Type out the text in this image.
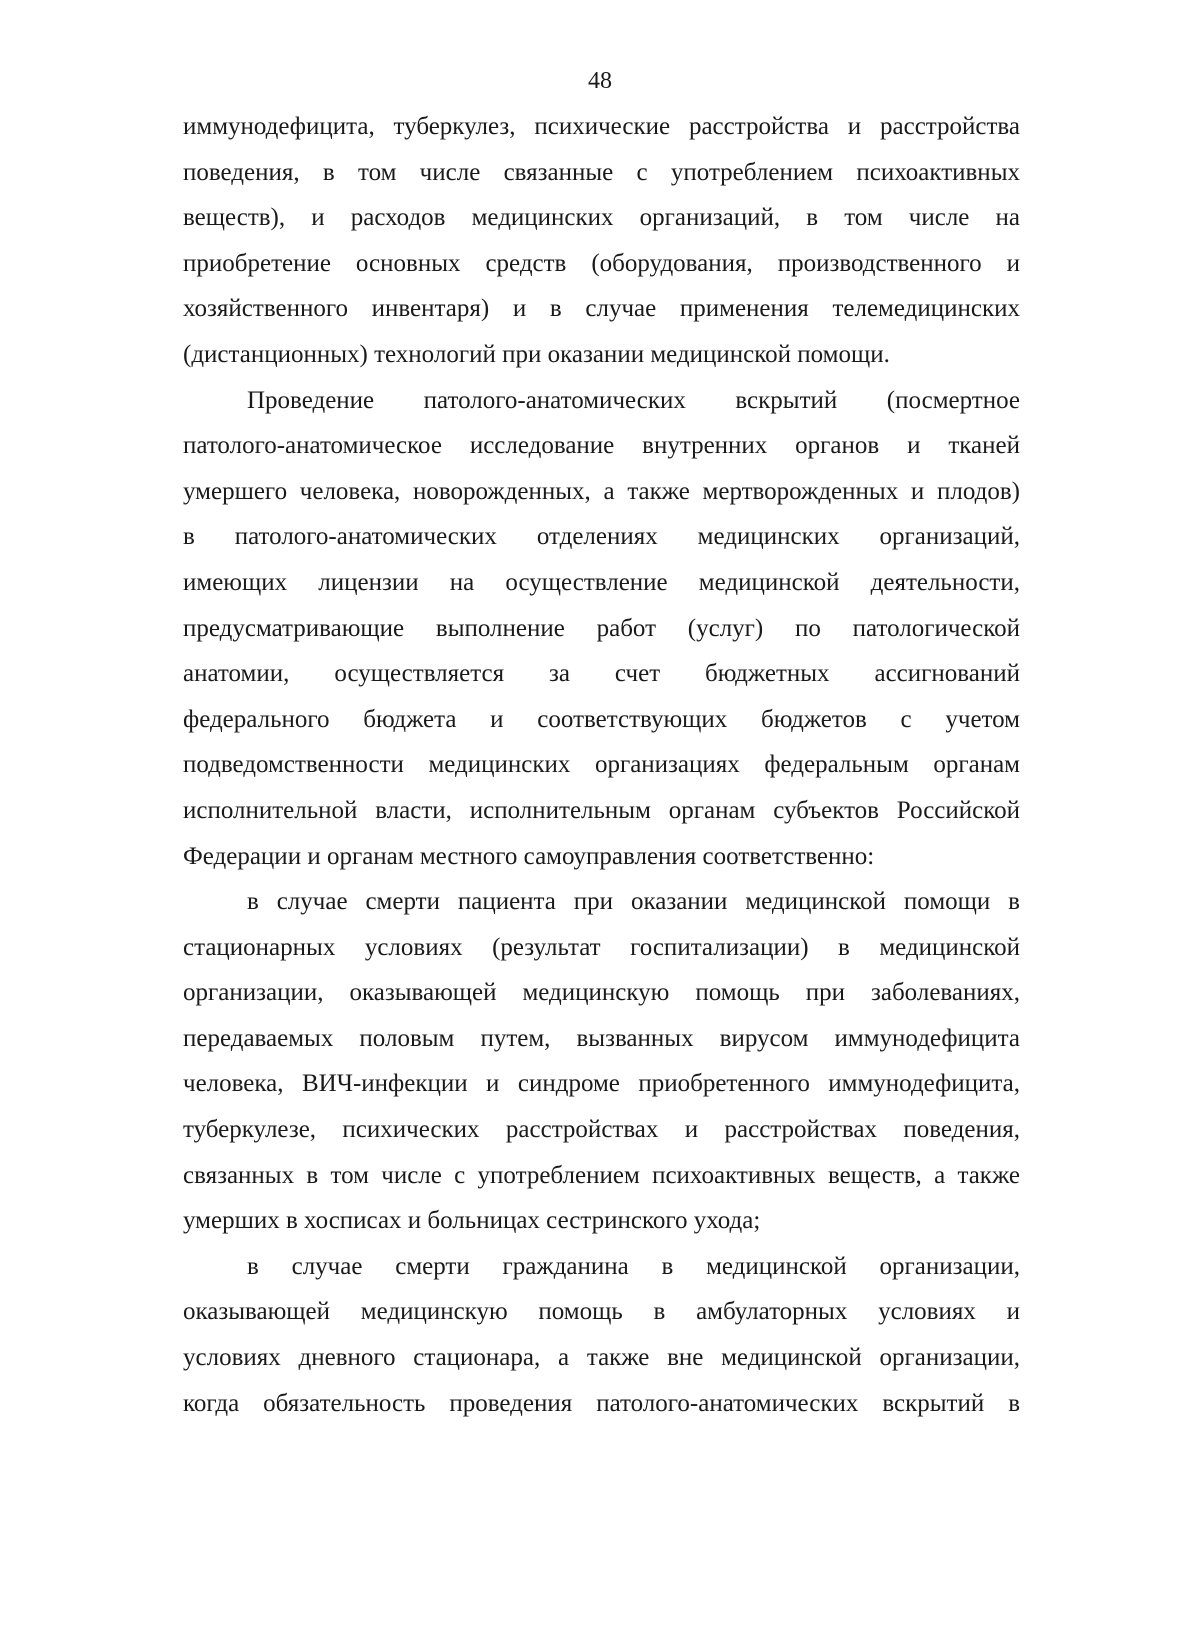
48
иммунодефицита, туберкулез, психические расстройства и расстройства
поведения, в том числе связанные с употреблением психоактивных
веществ), и расходов медицинских организаций, в том числе на
приобретение основных средств (оборудования, производственного и
хозяйственного инвентаря) и в случае применения телемедицинских
(дистанционных) технологий при оказании медицинской помощи.
Проведение патолого-анатомических вскрытий (посмертное
патолого-анатомическое исследование внутренних органов и тканей
умершего человека, новорожденных, а также мертворожденных и плодов)
в патолого-анатомических отделениях медицинских организаций,
имеющих лицензии на осуществление медицинской деятельности,
предусматривающие выполнение работ (услуг) по патологической
анатомии, осуществляется за счет бюджетных ассигнований
федерального бюджета и соответствующих бюджетов с учетом
подведомственности медицинских организациях федеральным органам
исполнительной власти, исполнительным органам субъектов Российской
Федерации и органам местного самоуправления соответственно:
в случае смерти пациента при оказании медицинской помощи в
стационарных условиях (результат госпитализации) в медицинской
организации, оказывающей медицинскую помощь при заболеваниях,
передаваемых половым путем, вызванных вирусом иммунодефицита
человека, ВИЧ-инфекции и синдроме приобретенного иммунодефицита,
туберкулезе, психических расстройствах и расстройствах поведения,
связанных в том числе с употреблением психоактивных веществ, а также
умерших в хосписах и больницах сестринского ухода;
в случае смерти гражданина в медицинской организации,
оказывающей медицинскую помощь в амбулаторных условиях и
условиях дневного стационара, а также вне медицинской организации,
когда обязательность проведения патолого-анатомических вскрытий в
